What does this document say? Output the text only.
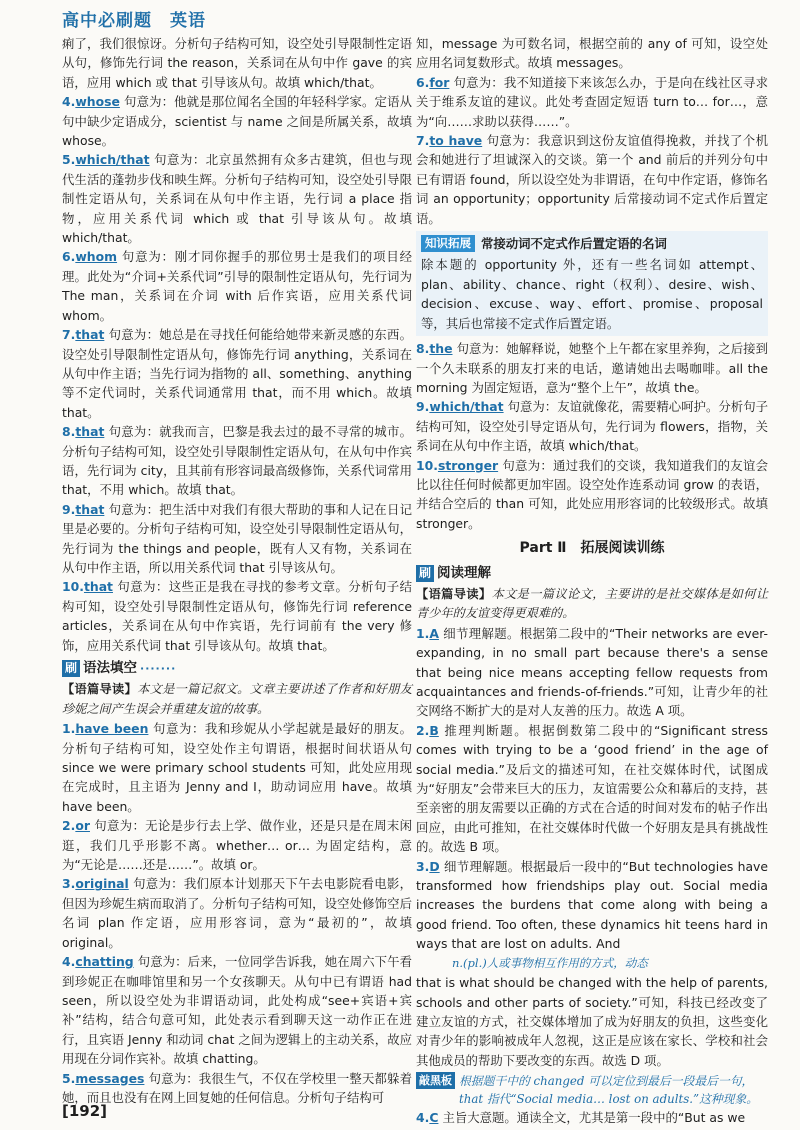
高中必刷题　英语

痢了，我们很惊讶。分析句子结构可知，设空处引导限制性定语从句，修饰先行词 the reason，关系词在从句中作 gave 的宾语，应用 which 或 that 引导该从句。故填 which/that。

4.whose 句意为：他就是那位闻名全国的年轻科学家。定语从句中缺少定语成分，scientist 与 name 之间是所属关系，故填 whose。

5.which/that 句意为：北京虽然拥有众多古建筑，但也与现代生活的蓬勃步伐和映生辉。分析句子结构可知，设空处引导限制性定语从句，关系词在从句中作主语，先行词 a place 指物，应用关系代词 which 或 that 引导该从句。故填 which/that。

6.whom 句意为：刚才同你握手的那位男士是我们的项目经理。此处为“介词+关系代词”引导的限制性定语从句，先行词为 The man，关系词在介词 with 后作宾语，应用关系代词 whom。

7.that 句意为：她总是在寻找任何能给她带来新灵感的东西。设空处引导限制性定语从句，修饰先行词 anything，关系词在从句中作主语；当先行词为指物的 all、something、anything 等不定代词时，关系代词通常用 that，而不用 which。故填 that。

8.that 句意为：就我而言，巴黎是我去过的最不寻常的城市。分析句子结构可知，设空处引导限制性定语从句，在从句中作宾语，先行词为 city，且其前有形容词最高级修饰，关系代词常用 that，不用 which。故填 that。

9.that 句意为：把生活中对我们有很大帮助的事和人记在日记里是必要的。分析句子结构可知，设空处引导限制性定语从句，先行词为 the things and people，既有人又有物，关系词在从句中作主语，所以用关系代词 that 引导该从句。

10.that 句意为：这些正是我在寻找的参考文章。分析句子结构可知，设空处引导限制性定语从句，修饰先行词 reference articles，关系词在从句中作宾语，先行词前有 the very 修饰，应用关系代词 that 引导该从句。故填 that。

刷 语法填空 ·······

【语篇导读】本文是一篇记叙文。文章主要讲述了作者和好朋友珍妮之间产生误会并重建友谊的故事。

1.have been 句意为：我和珍妮从小学起就是最好的朋友。分析句子结构可知，设空处作主句谓语，根据时间状语从句 since we were primary school students 可知，此处应用现在完成时，且主语为 Jenny and I，助动词应用 have。故填 have been。

2.or 句意为：无论是步行去上学、做作业，还是只是在周末闲逛，我们几乎形影不离。whether… or… 为固定结构，意为“无论是……还是……”。故填 or。

3.original 句意为：我们原本计划那天下午去电影院看电影，但因为珍妮生病而取消了。分析句子结构可知，设空处修饰空后名词 plan 作定语，应用形容词，意为“最初的”，故填 original。

4.chatting 句意为：后来，一位同学告诉我，她在周六下午看到珍妮正在咖啡馆里和另一个女孩聊天。从句中已有谓语 had seen，所以设空处为非谓语动词，此处构成“see+宾语+宾补”结构，结合句意可知，此处表示看到聊天这一动作正在进行，且宾语 Jenny 和动词 chat 之间为逻辑上的主动关系，故应用现在分词作宾补。故填 chatting。

5.messages 句意为：我很生气，不仅在学校里一整天都躲着她，而且也没有在网上回复她的任何信息。分析句子结构可

知，message 为可数名词，根据空前的 any of 可知，设空处应用名词复数形式。故填 messages。

6.for 句意为：我不知道接下来该怎么办，于是向在线社区寻求关于维系友谊的建议。此处考查固定短语 turn to… for…，意为“向……求助以获得……”。

7.to have 句意为：我意识到这份友谊值得挽救，并找了个机会和她进行了坦诚深入的交谈。第一个 and 前后的并列分句中已有谓语 found，所以设空处为非谓语，在句中作定语，修饰名词 an opportunity；opportunity 后常接动词不定式作后置定语。

知识拓展 常接动词不定式作后置定语的名词

除本题的 opportunity 外，还有一些名词如 attempt、plan、ability、chance、right（权利）、desire、wish、decision、excuse、way、effort、promise、proposal 等，其后也常接不定式作后置定语。

8.the 句意为：她解释说，她整个上午都在家里养狗，之后接到一个久未联系的朋友打来的电话，邀请她出去喝咖啡。all the morning 为固定短语，意为“整个上午”，故填 the。

9.which/that 句意为：友谊就像花，需要精心呵护。分析句子结构可知，设空处引导定语从句，先行词为 flowers，指物，关系词在从句中作主语，故填 which/that。

10.stronger 句意为：通过我们的交谈，我知道我们的友谊会比以往任何时候都更加牢固。设空处作连系动词 grow 的表语，并结合空后的 than 可知，此处应用形容词的比较级形式。故填 stronger。

Part Ⅱ　拓展阅读训练
刷 阅读理解

【语篇导读】本文是一篇议论文，主要讲的是社交媒体是如何让青少年的友谊变得更艰难的。

1.A 细节理解题。根据第二段中的“Their networks are ever-expanding, in no small part because there's a sense that being nice means accepting fellow requests from acquaintances and friends-of-friends.”可知，让青少年的社交网络不断扩大的是对人友善的压力。故选 A 项。

2.B 推理判断题。根据倒数第二段中的“Significant stress comes with trying to be a ‘good friend’ in the age of social media.”及后文的描述可知，在社交媒体时代，试图成为“好朋友”会带来巨大的压力，友谊需要公众和幕后的支持，甚至亲密的朋友需要以正确的方式在合适的时间对发布的帖子作出回应，由此可推知，在社交媒体时代做一个好朋友是具有挑战性的。故选 B 项。

3.D 细节理解题。根据最后一段中的“But technologies have transformed how friendships play out. Social media increases the burdens that come along with being a good friend. Too often, these dynamics hit teens hard in ways that are lost on adults. And

n.(pl.)人或事物相互作用的方式，动态

that is what should be changed with the help of parents, schools and other parts of society.”可知，科技已经改变了建立友谊的方式，社交媒体增加了成为好朋友的负担，这些变化对青少年的影响被成年人忽视，这正是应该在家长、学校和社会其他成员的帮助下要改变的东西。故选 D 项。

敲黑板 根据题干中的 changed 可以定位到最后一段最后一句，that 指代“Social media… lost on adults.”这种现象。

4.C 主旨大意题。通读全文，尤其是第一段中的“But as we

[192]
